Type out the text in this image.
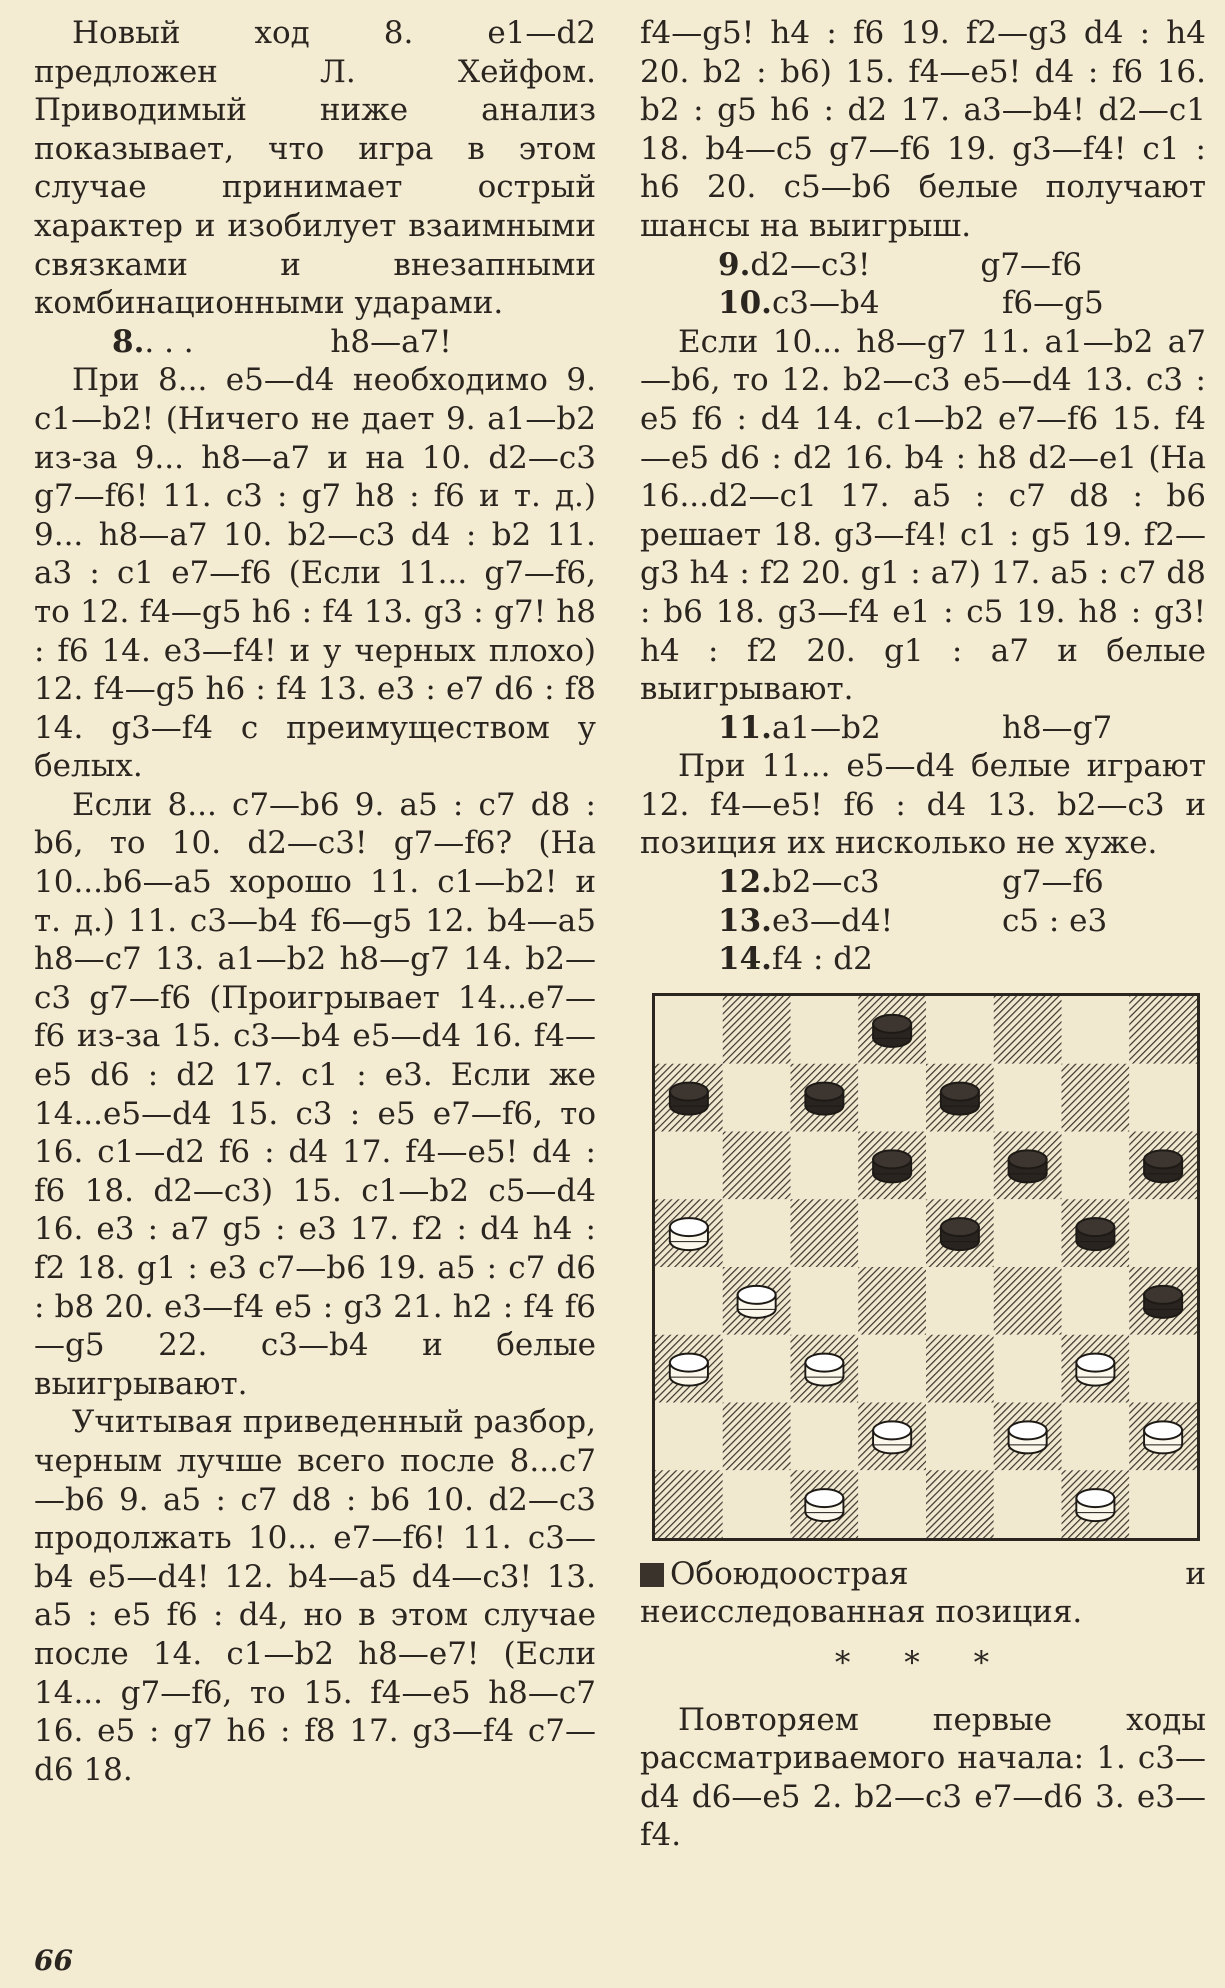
Новый ход 8. е1—d2 предложен Л. Хейфом. Приводимый ниже анализ показывает, что игра в этом случае принимает острый характер и изобилует взаимными связками и внезапными комбинационными ударами.

8.. . .	h8—a7!

При 8... е5—d4 необходимо 9. c1—b2! (Ничего не дает 9. а1—b2 из-за 9... h8—а7 и на 10. d2—c3 g7—f6! 11. с3 : g7 h8 : f6 и т. д.) 9... h8—а7 10. b2—c3 d4 : b2 11. a3 : c1 е7—f6 (Если 11... g7—f6, то 12. f4—g5 h6 : f4 13. g3 : g7! h8 : f6 14. е3—f4! и у черных плохо) 12. f4—g5 h6 : f4 13. е3 : е7 d6 : f8 14. g3—f4 с преимуществом у белых.

Если 8... с7—b6 9. а5 : c7 d8 : b6, то 10. d2—c3! g7—f6? (На 10...b6—a5 хорошо 11. c1—b2! и т. д.) 11. c3—b4 f6—g5 12. b4—a5 h8—c7 13. а1—b2 h8—g7 14. b2—c3 g7—f6 (Проигрывает 14...e7—f6 из-за 15. c3—b4 e5—d4 16. f4—e5 d6 : d2 17. c1 : e3. Если же 14...e5—d4 15. c3 : e5 e7—f6, то 16. c1—d2 f6 : d4 17. f4—e5! d4 : f6 18. d2—c3) 15. c1—b2 c5—d4 16. e3 : a7 g5 : e3 17. f2 : d4 h4 : f2 18. g1 : e3 c7—b6 19. a5 : c7 d6 : b8 20. e3—f4 e5 : g3 21. h2 : f4 f6—g5 22. c3—b4 и белые выигрывают.

Учитывая приведенный разбор, черным лучше всего после 8...с7—b6 9. а5 : c7 d8 : b6 10. d2—c3 продолжать 10... e7—f6! 11. c3—b4 e5—d4! 12. b4—a5 d4—c3! 13. a5 : e5 f6 : d4, но в этом случае после 14. c1—b2 h8—e7! (Если 14... g7—f6, то 15. f4—e5 h8—c7 16. e5 : g7 h6 : f8 17. g3—f4 c7—d6 18.

f4—g5! h4 : f6 19. f2—g3 d4 : h4 20. b2 : b6) 15. f4—e5! d4 : f6 16. b2 : g5 h6 : d2 17. a3—b4! d2—c1 18. b4—c5 g7—f6 19. g3—f4! c1 : h6 20. c5—b6 белые получают шансы на выигрыш.

9.d2—c3!	g7—f6

10.c3—b4	f6—g5

Если 10... h8—g7 11. a1—b2 a7—b6, то 12. b2—c3 e5—d4 13. c3 : e5 f6 : d4 14. c1—b2 e7—f6 15. f4—e5 d6 : d2 16. b4 : h8 d2—e1 (На 16...d2—c1 17. a5 : c7 d8 : b6 решает 18. g3—f4! c1 : g5 19. f2—g3 h4 : f2 20. g1 : a7) 17. a5 : c7 d8 : b6 18. g3—f4 e1 : c5 19. h8 : g3! h4 : f2 20. g1 : a7 и белые выигрывают.

11.a1—b2	h8—g7

При 11... e5—d4 белые играют 12. f4—e5! f6 : d4 13. b2—c3 и позиция их нисколько не хуже.

12.b2—c3	g7—f6

13.e3—d4!	c5 : e3

14.f4 : d2

Обоюдоострая и неисследованная позиция.

* * *

Повторяем первые ходы рассматриваемого начала: 1. c3—d4 d6—e5 2. b2—c3 e7—d6 3. e3—f4.

66
